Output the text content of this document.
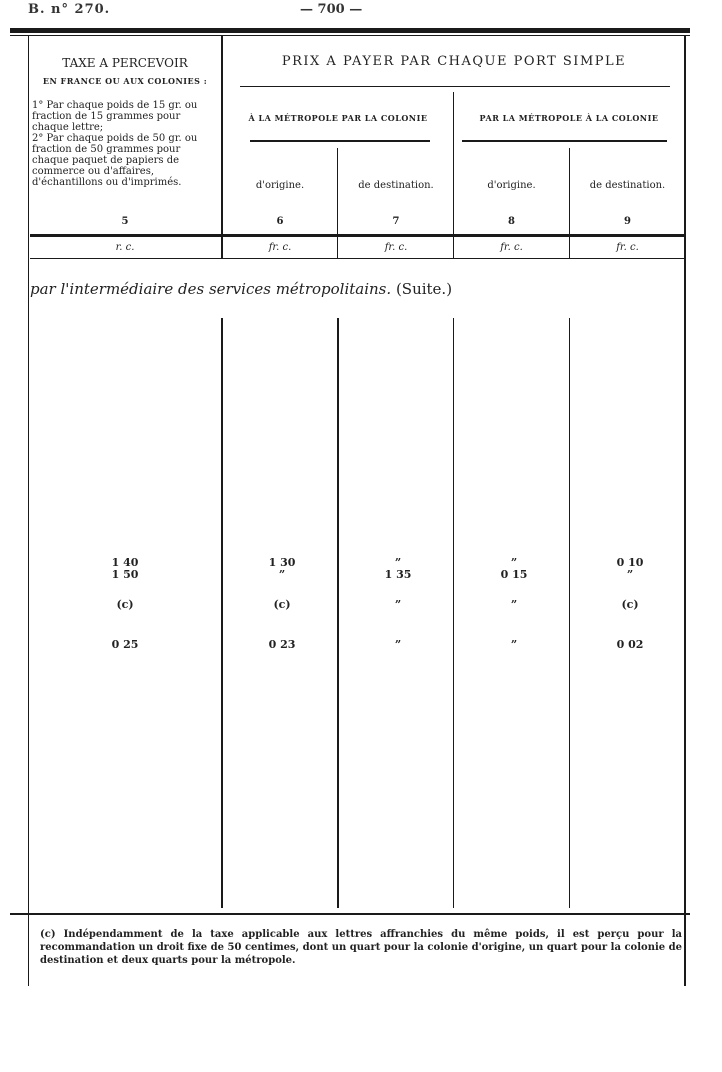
B. n° 270.	— 700 —
TAXE A PERCEVOIR
EN FRANCE OU AUX COLONIES :

1° Par chaque poids de 15 gr. ou fraction de 15 grammes pour chaque lettre;

2° Par chaque poids de 50 gr. ou fraction de 50 grammes pour chaque paquet de papiers de commerce ou d'affaires, d'échantillons ou d'imprimés.

PRIX A PAYER PAR CHAQUE PORT SIMPLE
À LA MÉTROPOLE PAR LA COLONIE	PAR LA MÉTROPOLE À LA COLONIE
d'origine.	de destination.	d'origine.	de destination.
5	6	7	8	9
r. c.	fr. c.	fr. c.	fr. c.	fr. c.
par l'intermédiaire des services métropolitains. (Suite.)
1 40	1 30	”	”	0 10
1 50	”	1 35	0 15	”
(c)	(c)	”	”	(c)
0 25	0 23	”	”	0 02
(c) Indépendamment de la taxe applicable aux lettres affranchies du même poids, il est perçu pour la recommandation un droit fixe de 50 centimes, dont un quart pour la colonie d'origine, un quart pour la colonie de destination et deux quarts pour la métropole.
